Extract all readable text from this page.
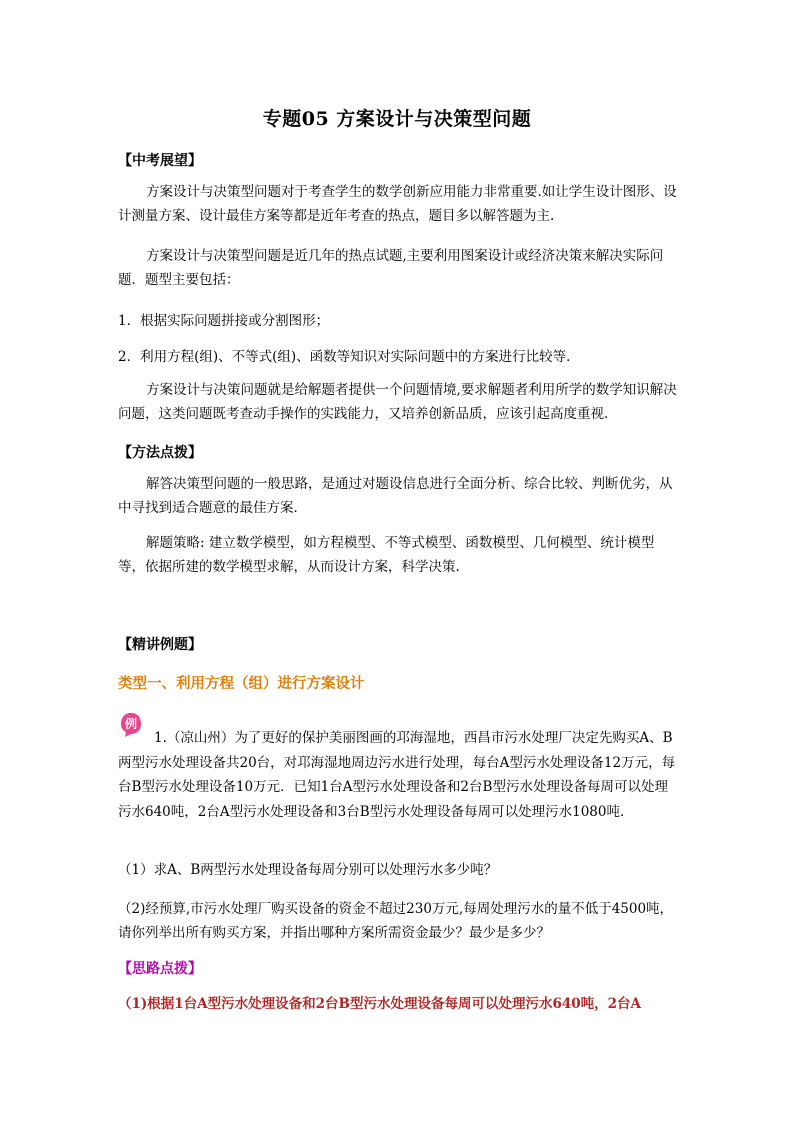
专题05 方案设计与决策型问题
【中考展望】
方案设计与决策型问题对于考查学生的数学创新应用能力非常重要.如让学生设计图形、设计测量方案、设计最佳方案等都是近年考查的热点，题目多以解答题为主.
方案设计与决策型问题是近几年的热点试题,主要利用图案设计或经济决策来解决实际问题．题型主要包括：
1．根据实际问题拼接或分割图形；
2．利用方程(组)、不等式(组)、函数等知识对实际问题中的方案进行比较等．
方案设计与决策问题就是给解题者提供一个问题情境,要求解题者利用所学的数学知识解决问题，这类问题既考查动手操作的实践能力，又培养创新品质，应该引起高度重视．
【方法点拨】
解答决策型问题的一般思路，是通过对题设信息进行全面分析、综合比较、判断优劣，从中寻找到适合题意的最佳方案．
解题策略: 建立数学模型，如方程模型、不等式模型、函数模型、几何模型、统计模型等，依据所建的数学模型求解，从而设计方案，科学决策.
【精讲例题】
类型一、利用方程（组）进行方案设计
例
1.（凉山州）为了更好的保护美丽图画的邛海湿地，西昌市污水处理厂决定先购买A、B两型污水处理设备共20台，对邛海湿地周边污水进行处理，每台A型污水处理设备12万元，每台B型污水处理设备10万元．已知1台A型污水处理设备和2台B型污水处理设备每周可以处理污水640吨，2台A型污水处理设备和3台B型污水处理设备每周可以处理污水1080吨．
（1）求A、B两型污水处理设备每周分别可以处理污水多少吨？
（2)经预算,市污水处理厂购买设备的资金不超过230万元,每周处理污水的量不低于4500吨，请你列举出所有购买方案，并指出哪种方案所需资金最少？最少是多少？
【思路点拨】
（1)根据1台A型污水处理设备和2台B型污水处理设备每周可以处理污水640吨，2台A
